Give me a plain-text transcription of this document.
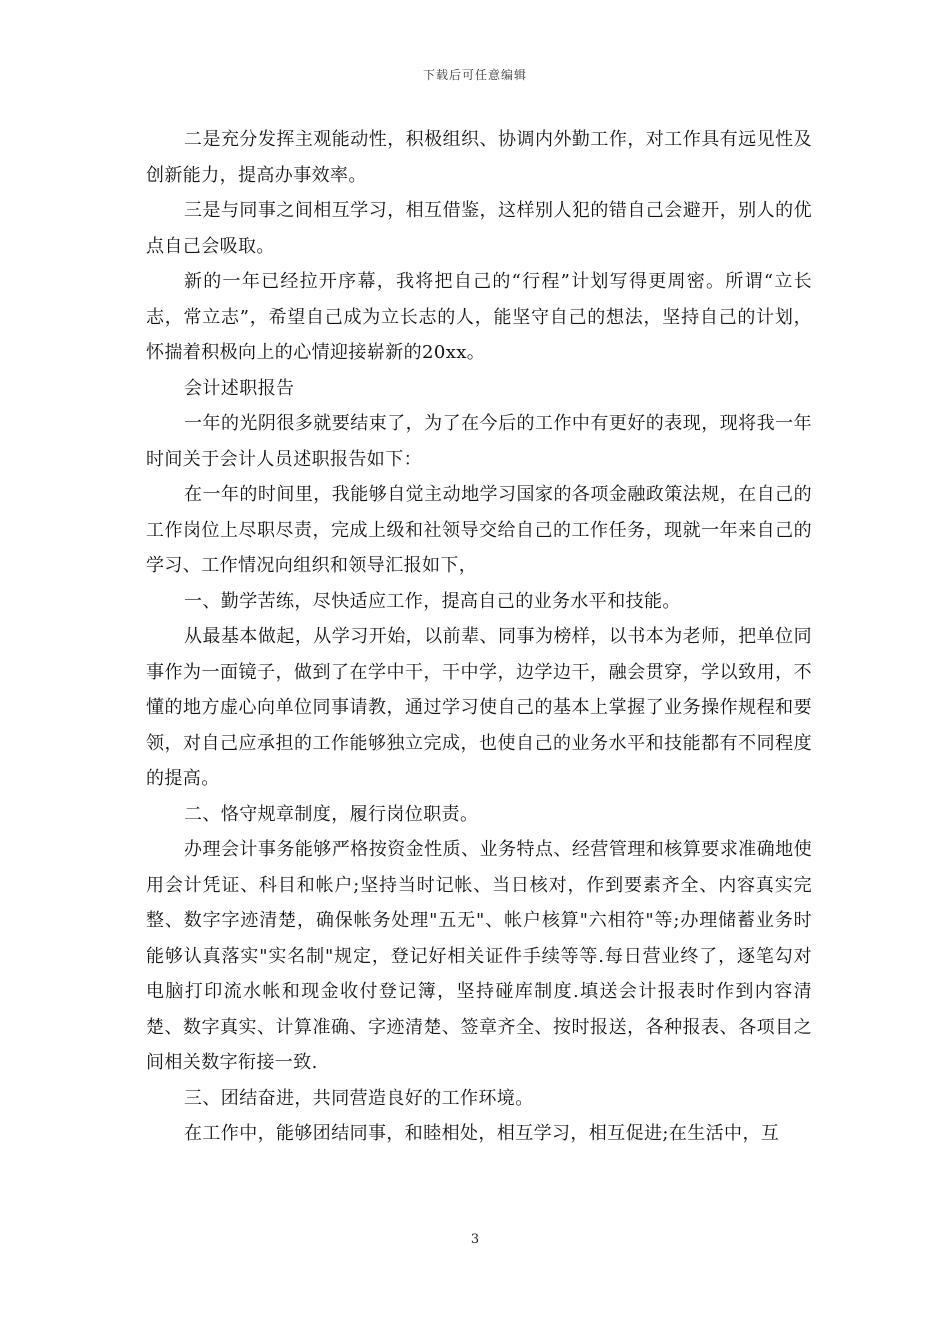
下载后可任意编辑

二是充分发挥主观能动性，积极组织、协调内外勤工作，对工作具有远见性及创新能力，提高办事效率。

三是与同事之间相互学习，相互借鉴，这样别人犯的错自己会避开，别人的优点自己会吸取。

新的一年已经拉开序幕，我将把自己的“行程”计划写得更周密。所谓“立长志，常立志”，希望自己成为立长志的人，能坚守自己的想法，坚持自己的计划，怀揣着积极向上的心情迎接崭新的20xx。

会计述职报告

一年的光阴很多就要结束了，为了在今后的工作中有更好的表现，现将我一年时间关于会计人员述职报告如下：

在一年的时间里，我能够自觉主动地学习国家的各项金融政策法规，在自己的工作岗位上尽职尽责，完成上级和社领导交给自己的工作任务，现就一年来自己的学习、工作情况向组织和领导汇报如下，

一、勤学苦练，尽快适应工作，提高自己的业务水平和技能。

从最基本做起，从学习开始，以前辈、同事为榜样，以书本为老师，把单位同事作为一面镜子，做到了在学中干，干中学，边学边干，融会贯穿，学以致用，不懂的地方虚心向单位同事请教，通过学习使自己的基本上掌握了业务操作规程和要领，对自己应承担的工作能够独立完成，也使自己的业务水平和技能都有不同程度的提高。

二、恪守规章制度，履行岗位职责。

办理会计事务能够严格按资金性质、业务特点、经营管理和核算要求准确地使用会计凭证、科目和帐户;坚持当时记帐、当日核对，作到要素齐全、内容真实完整、数字字迹清楚，确保帐务处理"五无"、帐户核算"六相符"等;办理储蓄业务时能够认真落实"实名制"规定，登记好相关证件手续等等.每日营业终了，逐笔勾对电脑打印流水帐和现金收付登记簿，坚持碰库制度.填送会计报表时作到内容清楚、数字真实、计算准确、字迹清楚、签章齐全、按时报送，各种报表、各项目之间相关数字衔接一致.

三、团结奋进，共同营造良好的工作环境。

在工作中，能够团结同事，和睦相处，相互学习，相互促进;在生活中，互

3
